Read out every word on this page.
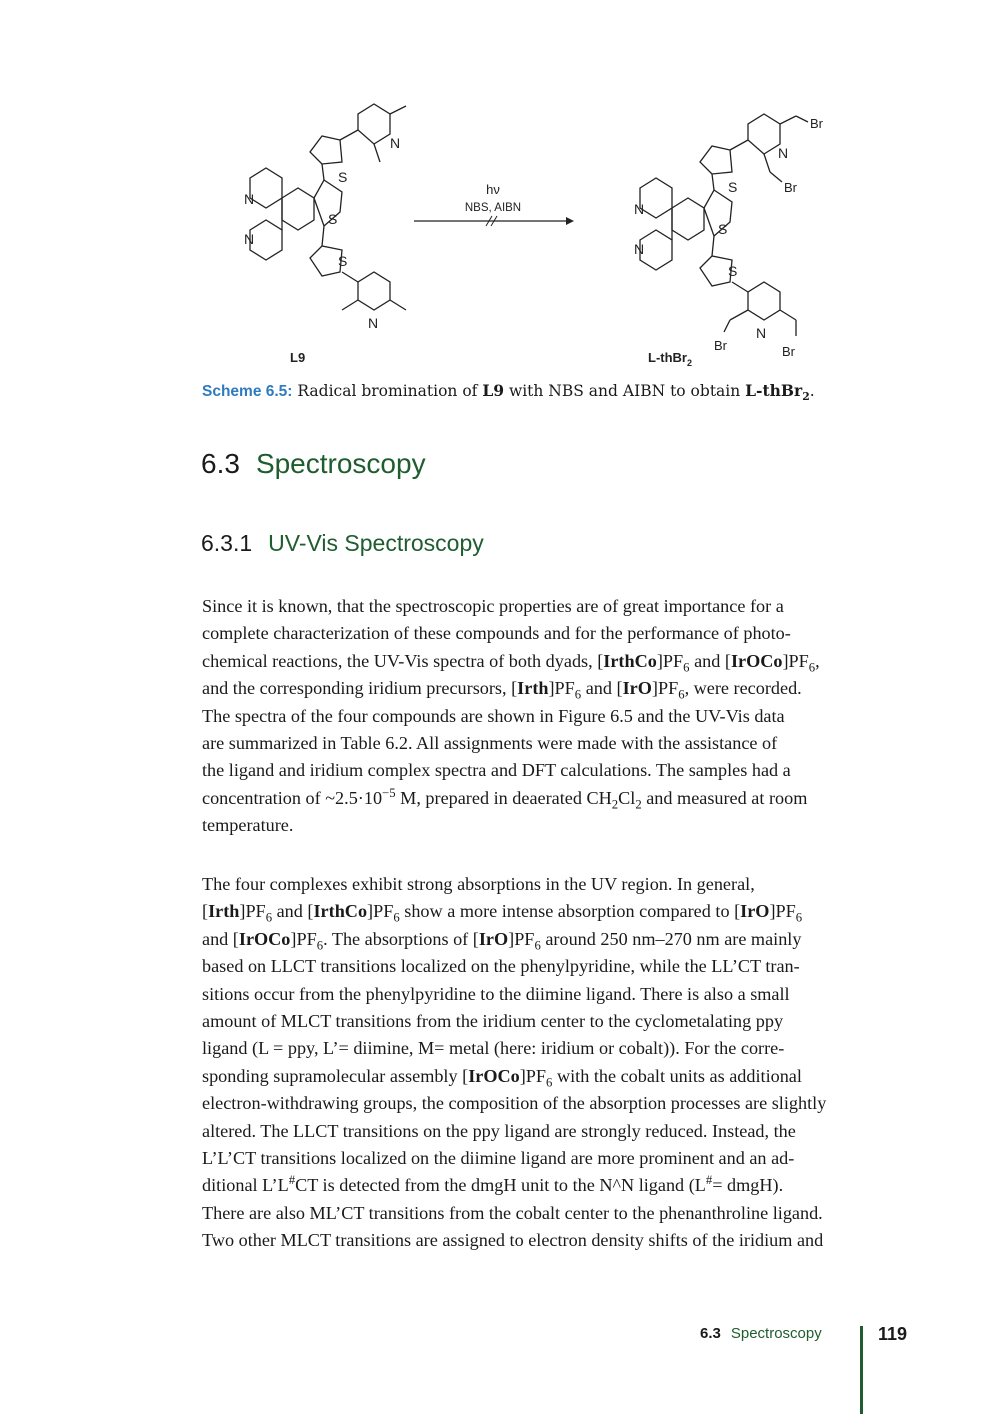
N
N
S
S
S
N
N
L9
hν
NBS, AIBN	N
N
S
S
S
N
N
Br
Br
Br	Br
L-thBr$_2$
Scheme 6.5: Radical bromination of L9 with NBS and AIBN to obtain L-thBr$_2$.
6.3 Spectroscopy
6.3.1 UV-Vis Spectroscopy
Since it is known, that the spectroscopic properties are of great importance for a
complete characterization of these compounds and for the performance of photo-
chemical reactions, the UV-Vis spectra of both dyads, $[IrthCo]PF_6$ and $[IrOCo]PF_6$,
and the corresponding iridium precursors, $[Irth]PF_6$ and $[IrO]PF_6$, were recorded.
The spectra of the four compounds are shown in Figure 6.5 and the UV-Vis data
are summarized in Table 6.2. All assignments were made with the assistance of
the ligand and iridium complex spectra and DFT calculations. The samples had a
concentration of $\sim 2.5\cdot 10^{-5}$ M, prepared in deaerated $CH_2Cl_2$ and measured at room
temperature.
The four complexes exhibit strong absorptions in the UV region. In general,
$[Irth]PF_6$ and $[IrthCo]PF_6$ show a more intense absorption compared to $[IrO]PF_6$
and $[IrOCo]PF_6$. The absorptions of $[IrO]PF_6$ around 250 nm–270 nm are mainly
based on LLCT transitions localized on the phenylpyridine, while the LL’CT tran-
sitions occur from the phenylpyridine to the diimine ligand. There is also a small
amount of MLCT transitions from the iridium center to the cyclometalating ppy
ligand (L = ppy, L’= diimine, M= metal (here: iridium or cobalt)). For the corre-
sponding supramolecular assembly $[IrOCo]PF_6$ with the cobalt units as additional
electron-withdrawing groups, the composition of the absorption processes are slightly
altered. The LLCT transitions on the ppy ligand are strongly reduced. Instead, the
L’L’CT transitions localized on the diimine ligand are more prominent and an ad-
ditional L’L#CT is detected from the dmgH unit to the N^N ligand (L#= dmgH).
There are also ML’CT transitions from the cobalt center to the phenanthroline ligand.
Two other MLCT transitions are assigned to electron density shifts of the iridium and
6.3 Spectroscopy	119
